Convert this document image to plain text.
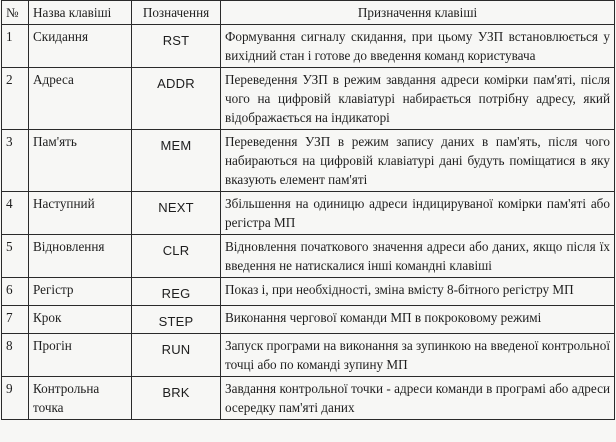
№	Назва клавіші	Позначення	Призначення клавіші
1	Скидання	RST	Формування сигналу скидання, при цьому УЗП встановлюється у вихідний стан і готове до введення команд користувача
2	Адреса	ADDR	Переведення УЗП в режим завдання адреси комірки пам'яті, після чого на цифровій клавіатурі набирається потрібну адресу, який відображається на індикаторі
3	Пам'ять	MEM	Переведення УЗП в режим запису даних в пам'ять, після чого набираються на цифровій клавіатурі дані будуть поміщатися в яку вказують елемент пам'яті
4	Наступний	NEXT	Збільшення на одиницю адреси індицируваної комірки пам'яті або регістра МП
5	Відновлення	CLR	Відновлення початкового значення адреси або даних, якщо після їх введення не натискалися інші командні клавіші
6	Регістр	REG	Показ і, при необхідності, зміна вмісту 8-бітного регістру МП
7	Крок	STEP	Виконання чергової команди МП в покроковому режимі
8	Прогін	RUN	Запуск програми на виконання за зупинкою на введеної контрольної точці або по команді зупину МП
9	Контрольна точка	BRK	Завдання контрольної точки - адреси команди в програмі або адреси осередку пам'яті даних
